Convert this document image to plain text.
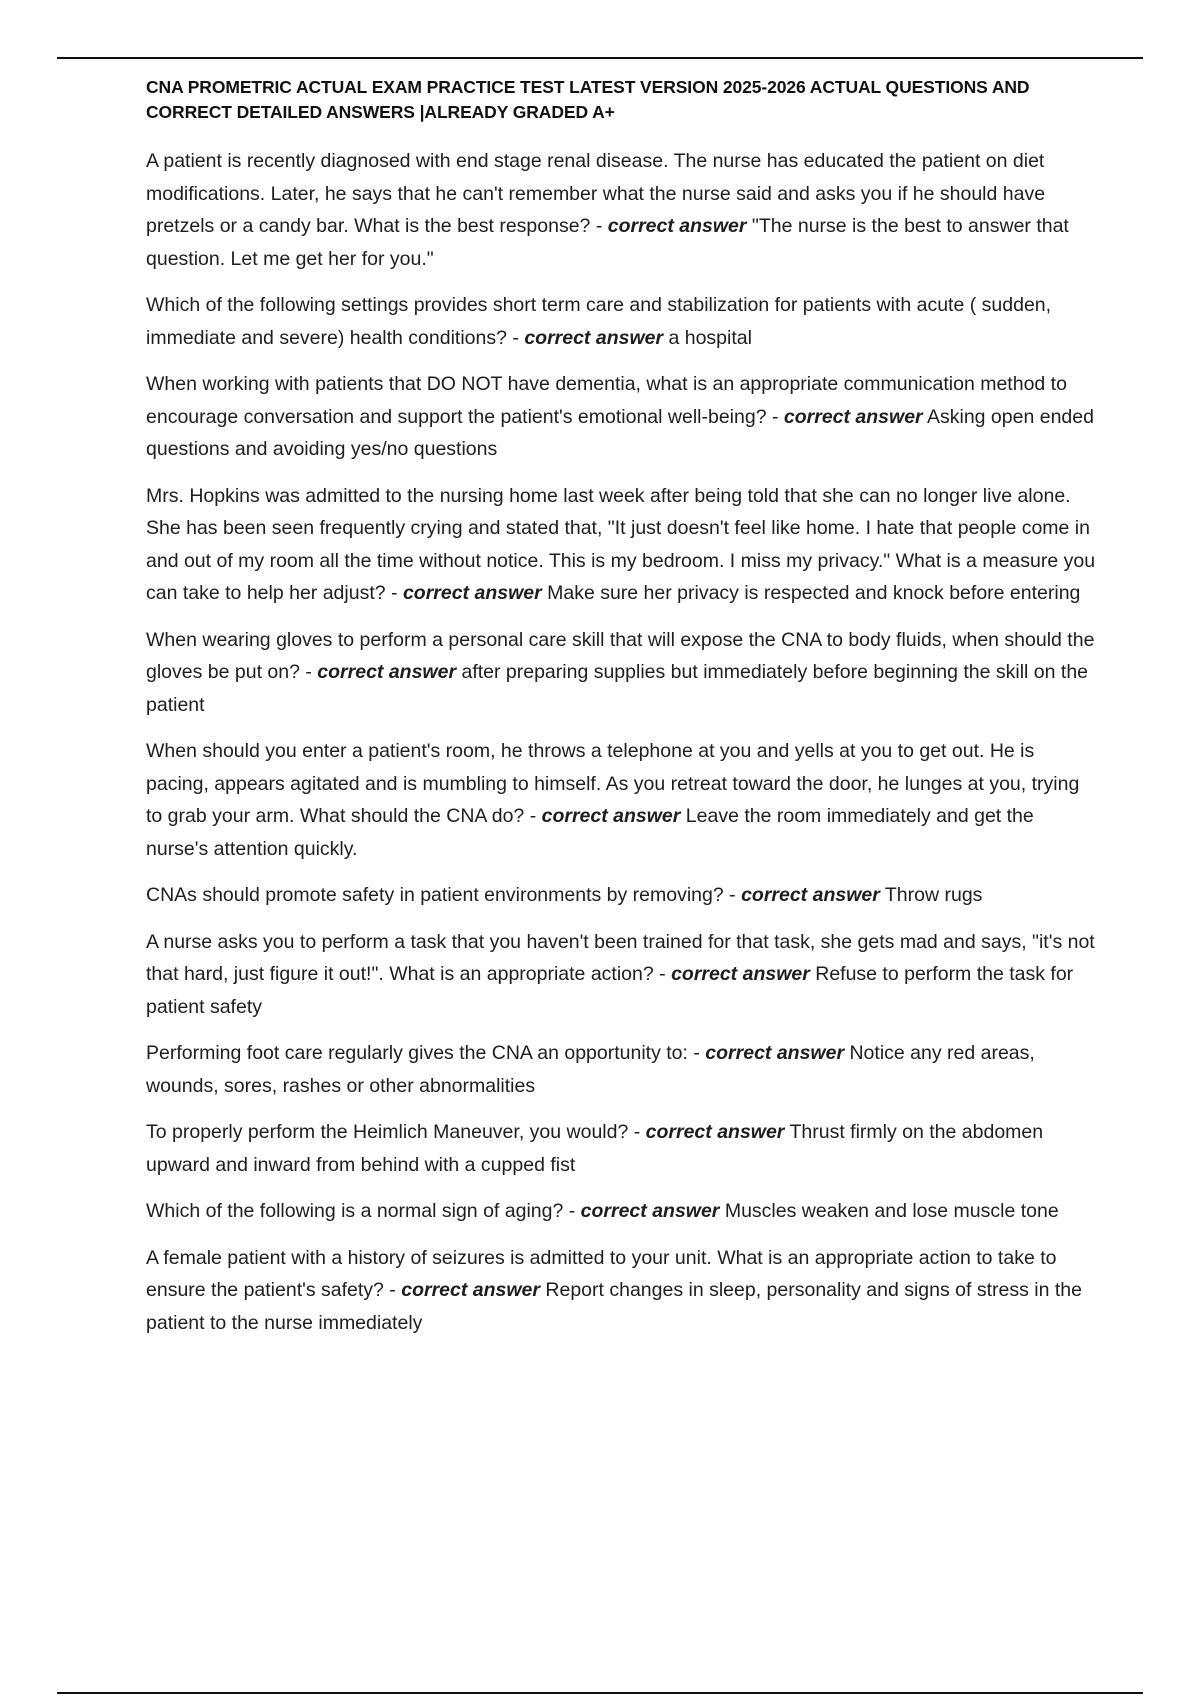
CNA PROMETRIC ACTUAL EXAM PRACTICE TEST LATEST VERSION 2025-2026 ACTUAL QUESTIONS AND CORRECT DETAILED ANSWERS |ALREADY GRADED A+

A patient is recently diagnosed with end stage renal disease. The nurse has educated the patient on diet modifications. Later, he says that he can't remember what the nurse said and asks you if he should have pretzels or a candy bar. What is the best response? - correct answer "The nurse is the best to answer that question. Let me get her for you."

Which of the following settings provides short term care and stabilization for patients with acute ( sudden, immediate and severe) health conditions? - correct answer a hospital

When working with patients that DO NOT have dementia, what is an appropriate communication method to encourage conversation and support the patient's emotional well-being? - correct answer Asking open ended questions and avoiding yes/no questions

Mrs. Hopkins was admitted to the nursing home last week after being told that she can no longer live alone. She has been seen frequently crying and stated that, "It just doesn't feel like home. I hate that people come in and out of my room all the time without notice. This is my bedroom. I miss my privacy." What is a measure you can take to help her adjust? - correct answer Make sure her privacy is respected and knock before entering

When wearing gloves to perform a personal care skill that will expose the CNA to body fluids, when should the gloves be put on? - correct answer after preparing supplies but immediately before beginning the skill on the patient

When should you enter a patient's room, he throws a telephone at you and yells at you to get out. He is pacing, appears agitated and is mumbling to himself. As you retreat toward the door, he lunges at you, trying to grab your arm. What should the CNA do? - correct answer Leave the room immediately and get the nurse's attention quickly.

CNAs should promote safety in patient environments by removing? - correct answer Throw rugs

A nurse asks you to perform a task that you haven't been trained for that task, she gets mad and says, "it's not that hard, just figure it out!". What is an appropriate action? - correct answer Refuse to perform the task for patient safety

Performing foot care regularly gives the CNA an opportunity to: - correct answer Notice any red areas, wounds, sores, rashes or other abnormalities

To properly perform the Heimlich Maneuver, you would? - correct answer Thrust firmly on the abdomen upward and inward from behind with a cupped fist

Which of the following is a normal sign of aging? - correct answer Muscles weaken and lose muscle tone

A female patient with a history of seizures is admitted to your unit. What is an appropriate action to take to ensure the patient's safety? - correct answer Report changes in sleep, personality and signs of stress in the patient to the nurse immediately
